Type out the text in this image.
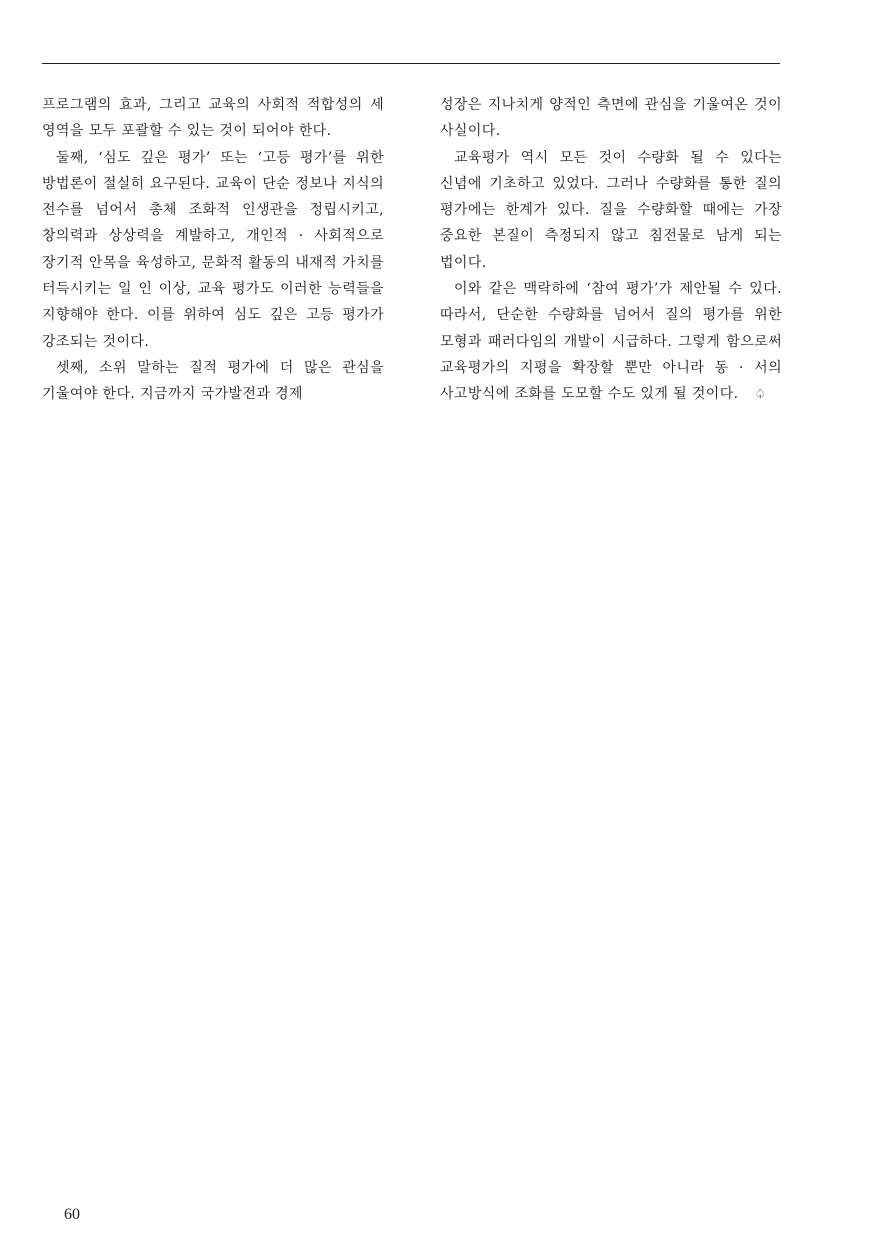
프로그램의 효과, 그리고 교육의 사회적 적합성의 세 영역을 모두 포괄할 수 있는 것이 되어야 한다.

둘째, ‘심도 깊은 평가’ 또는 ‘고등 평가’를 위한 방법론이 절실히 요구된다. 교육이 단순 정보나 지식의 전수를 넘어서 총체 조화적 인생관을 정립시키고, 창의력과 상상력을 계발하고, 개인적 · 사회적으로 장기적 안목을 육성하고, 문화적 활동의 내재적 가치를 터득시키는 일 인 이상, 교육 평가도 이러한 능력들을 지향해야 한다. 이를 위하여 심도 깊은 고등 평가가 강조되는 것이다.

셋째, 소위 말하는 질적 평가에 더 많은 관심을 기울여야 한다. 지금까지 국가발전과 경제

성장은 지나치게 양적인 측면에 관심을 기울여온 것이 사실이다.

교육평가 역시 모든 것이 수량화 될 수 있다는 신념에 기초하고 있었다. 그러나 수량화를 통한 질의 평가에는 한계가 있다. 질을 수량화할 때에는 가장 중요한 본질이 측정되지 않고 침전물로 남게 되는 법이다.

이와 같은 맥락하에 ‘참여 평가’가 제안될 수 있다. 따라서, 단순한 수량화를 넘어서 질의 평가를 위한 모형과 패러다임의 개발이 시급하다. 그렇게 함으로써 교육평가의 지평을 확장할 뿐만 아니라 동 · 서의 사고방식에 조화를 도모할 수도 있게 될 것이다. ♤

60
